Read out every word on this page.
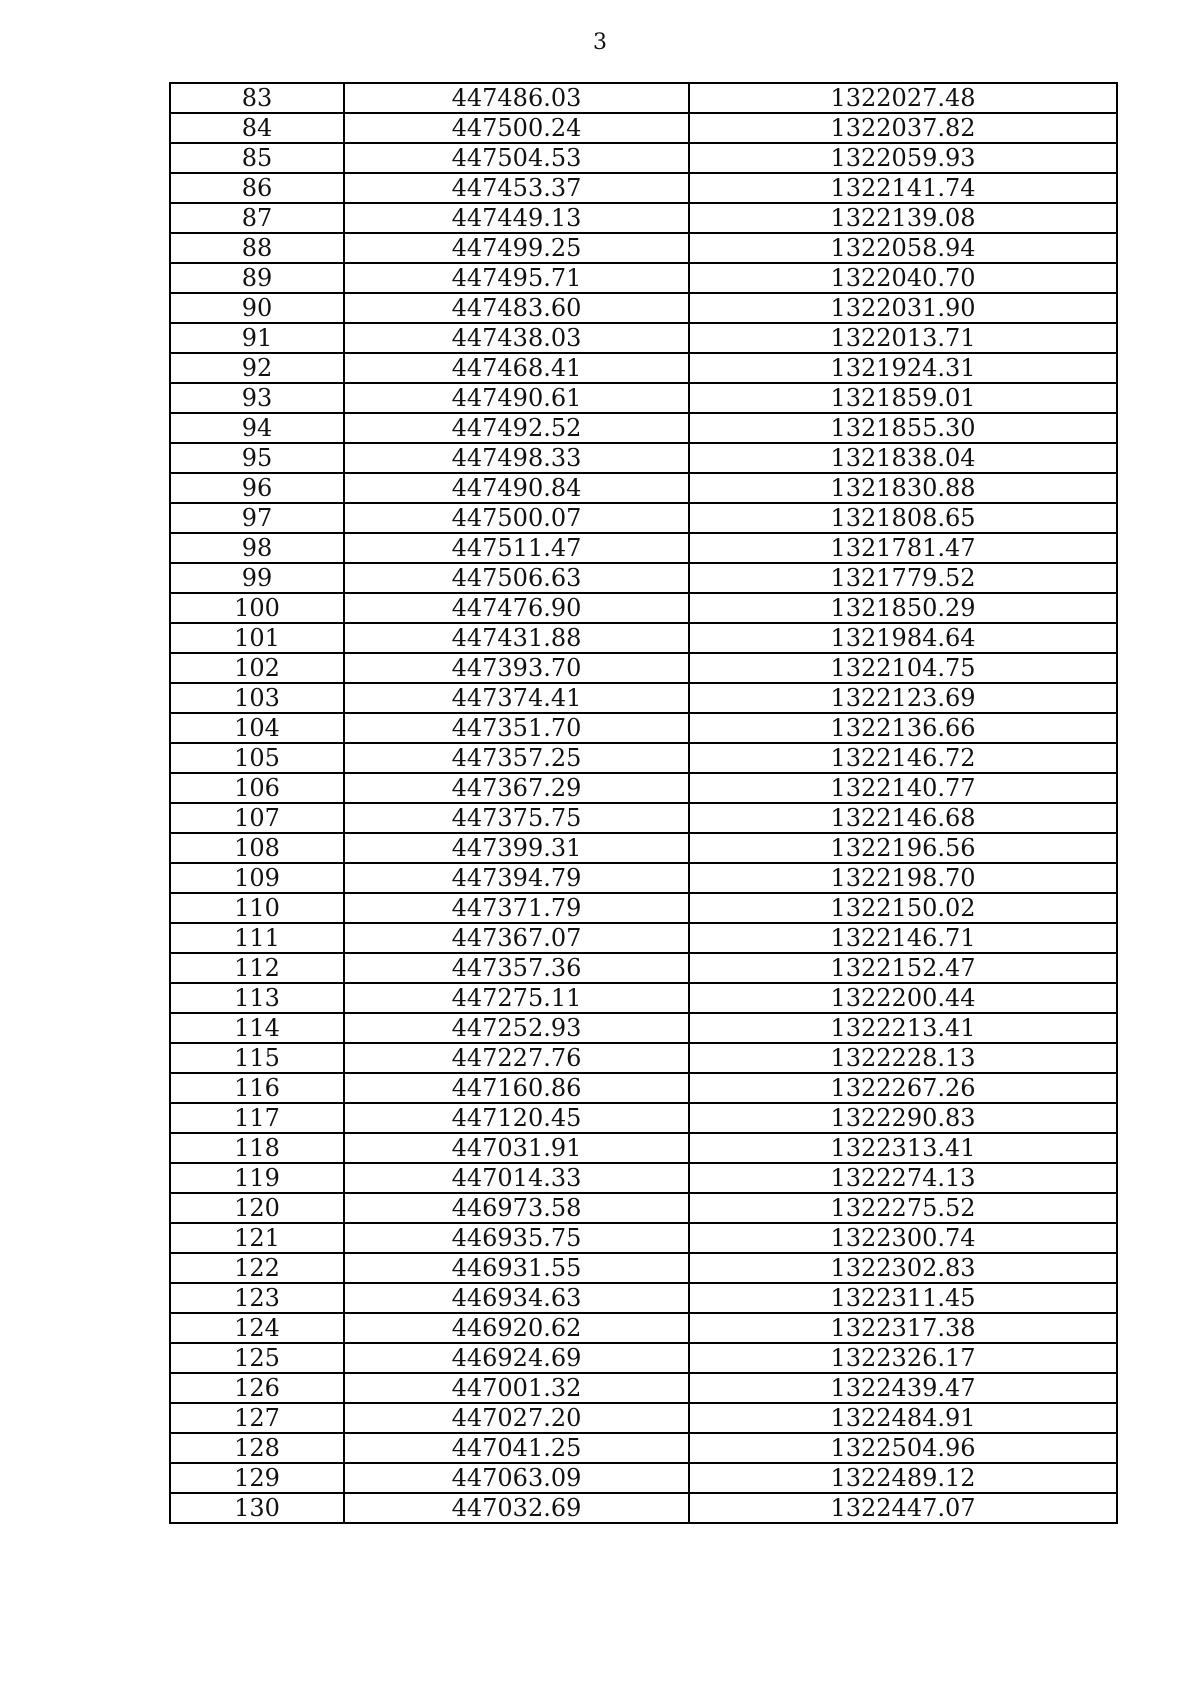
3
83	447486.03	1322027.48
84	447500.24	1322037.82
85	447504.53	1322059.93
86	447453.37	1322141.74
87	447449.13	1322139.08
88	447499.25	1322058.94
89	447495.71	1322040.70
90	447483.60	1322031.90
91	447438.03	1322013.71
92	447468.41	1321924.31
93	447490.61	1321859.01
94	447492.52	1321855.30
95	447498.33	1321838.04
96	447490.84	1321830.88
97	447500.07	1321808.65
98	447511.47	1321781.47
99	447506.63	1321779.52
100	447476.90	1321850.29
101	447431.88	1321984.64
102	447393.70	1322104.75
103	447374.41	1322123.69
104	447351.70	1322136.66
105	447357.25	1322146.72
106	447367.29	1322140.77
107	447375.75	1322146.68
108	447399.31	1322196.56
109	447394.79	1322198.70
110	447371.79	1322150.02
111	447367.07	1322146.71
112	447357.36	1322152.47
113	447275.11	1322200.44
114	447252.93	1322213.41
115	447227.76	1322228.13
116	447160.86	1322267.26
117	447120.45	1322290.83
118	447031.91	1322313.41
119	447014.33	1322274.13
120	446973.58	1322275.52
121	446935.75	1322300.74
122	446931.55	1322302.83
123	446934.63	1322311.45
124	446920.62	1322317.38
125	446924.69	1322326.17
126	447001.32	1322439.47
127	447027.20	1322484.91
128	447041.25	1322504.96
129	447063.09	1322489.12
130	447032.69	1322447.07
